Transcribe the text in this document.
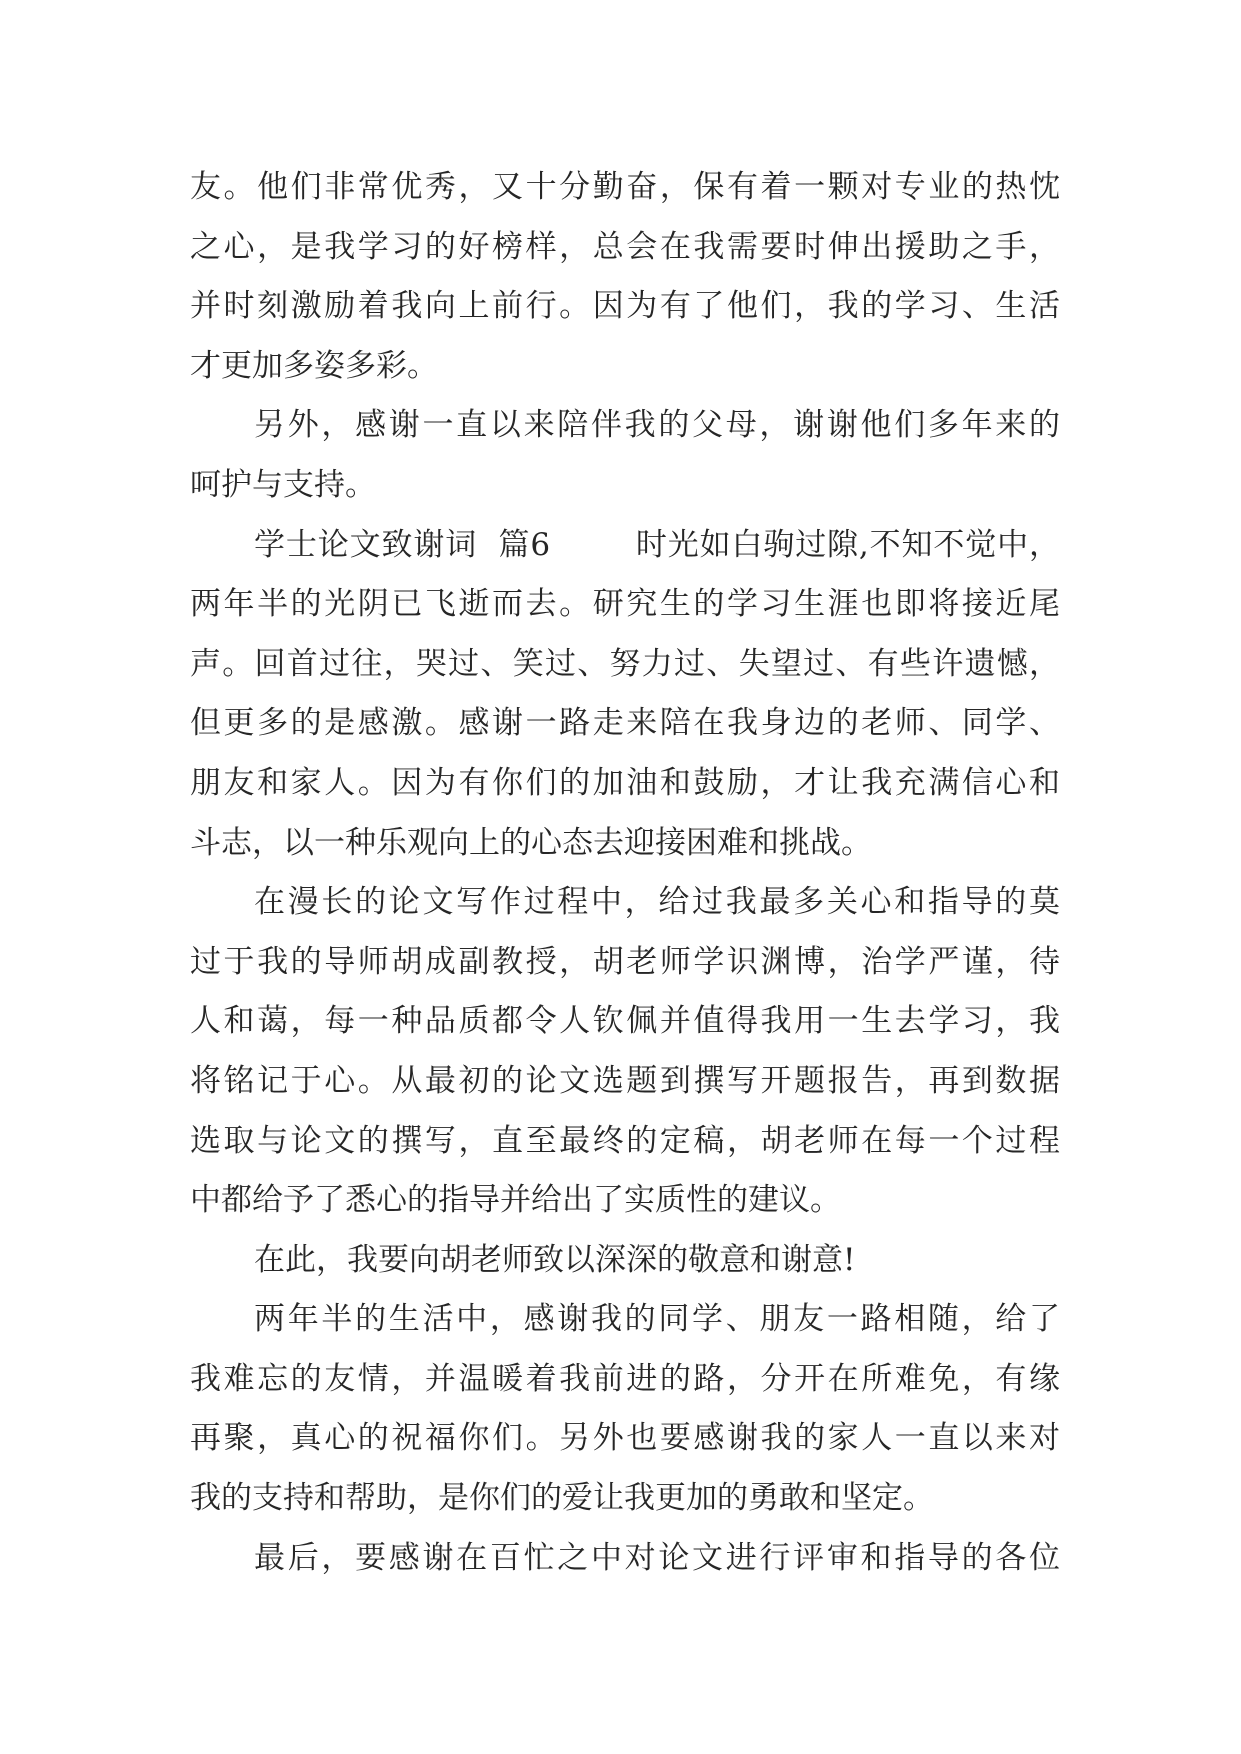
友。他们非常优秀，又十分勤奋，保有着一颗对专业的热忱
之心，是我学习的好榜样，总会在我需要时伸出援助之手，
并时刻激励着我向上前行。因为有了他们，我的学习、生活
才更加多姿多彩。
另外，感谢一直以来陪伴我的父母，谢谢他们多年来的
呵护与支持。
学士论文致谢词  篇6        时光如白驹过隙,不知不觉中，
两年半的光阴已飞逝而去。研究生的学习生涯也即将接近尾
声。回首过往，哭过、笑过、努力过、失望过、有些许遗憾，
但更多的是感激。感谢一路走来陪在我身边的老师、同学、
朋友和家人。因为有你们的加油和鼓励，才让我充满信心和
斗志，以一种乐观向上的心态去迎接困难和挑战。
在漫长的论文写作过程中，给过我最多关心和指导的莫
过于我的导师胡成副教授，胡老师学识渊博，治学严谨，待
人和蔼，每一种品质都令人钦佩并值得我用一生去学习，我
将铭记于心。从最初的论文选题到撰写开题报告，再到数据
选取与论文的撰写，直至最终的定稿，胡老师在每一个过程
中都给予了悉心的指导并给出了实质性的建议。
在此，我要向胡老师致以深深的敬意和谢意!
两年半的生活中，感谢我的同学、朋友一路相随，给了
我难忘的友情，并温暖着我前进的路，分开在所难免，有缘
再聚，真心的祝福你们。另外也要感谢我的家人一直以来对
我的支持和帮助，是你们的爱让我更加的勇敢和坚定。
最后，要感谢在百忙之中对论文进行评审和指导的各位
